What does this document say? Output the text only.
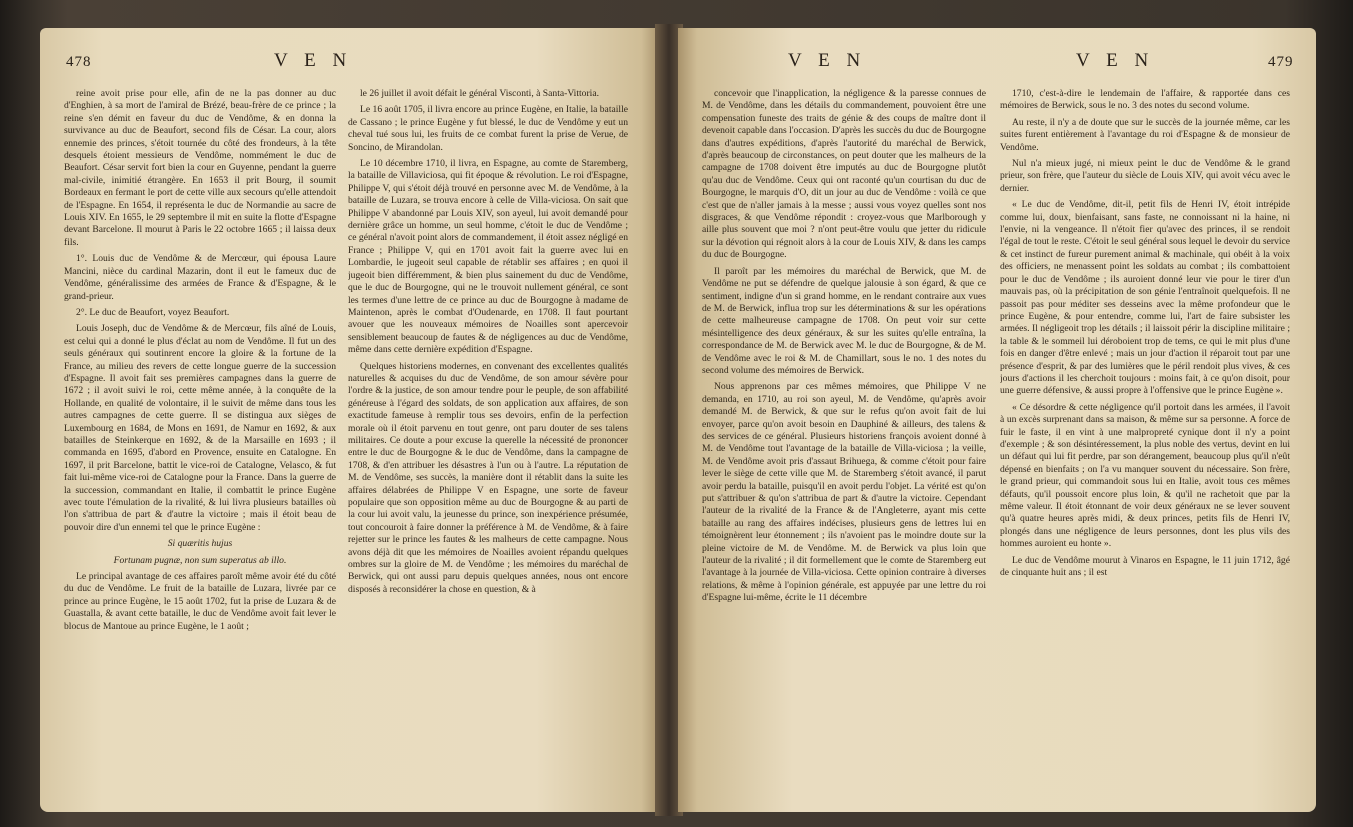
478	V E N

reine avoit prise pour elle, afin de ne la pas donner au duc d'Enghien, à sa mort de l'amiral de Brézé, beau-frère de ce prince ; la reine s'en démit en faveur du duc de Vendôme, & en donna la survivance au duc de Beaufort, second fils de César. La cour, alors ennemie des princes, s'étoit tournée du côté des frondeurs, à la tête desquels étoient messieurs de Vendôme, nommément le duc de Beaufort. César servit fort bien la cour en Guyenne, pendant la guerre mal-civile, inimitié étrangère. En 1653 il prit Bourg, il soumit Bordeaux en fermant le port de cette ville aux secours qu'elle attendoit de l'Espagne. En 1654, il représenta le duc de Normandie au sacre de Louis XIV. En 1655, le 29 septembre il mit en suite la flotte d'Espagne devant Barcelone. Il mourut à Paris le 22 octobre 1665 ; il laissa deux fils.

1°. Louis duc de Vendôme & de Mercœur, qui épousa Laure Mancini, nièce du cardinal Mazarin, dont il eut le fameux duc de Vendôme, généralissime des armées de France & d'Espagne, & le grand-prieur.

2°. Le duc de Beaufort, voyez Beaufort.

Louis Joseph, duc de Vendôme & de Mercœur, fils aîné de Louis, est celui qui a donné le plus d'éclat au nom de Vendôme. Il fut un des seuls généraux qui soutinrent encore la gloire & la fortune de la France, au milieu des revers de cette longue guerre de la succession d'Espagne. Il avoit fait ses premières campagnes dans la guerre de 1672 ; il avoit suivi le roi, cette même année, à la conquête de la Hollande, en qualité de volontaire, il le suivit de même dans tous les autres campagnes de cette guerre. Il se distingua aux sièges de Luxembourg en 1684, de Mons en 1691, de Namur en 1692, & aux batailles de Steinkerque en 1692, & de la Marsaille en 1693 ; il commanda en 1695, d'abord en Provence, ensuite en Catalogne. En 1697, il prit Barcelone, battit le vice-roi de Catalogne, Velasco, & fut fait lui-même vice-roi de Catalogne pour la France. Dans la guerre de la succession, commandant en Italie, il combattit le prince Eugène avec toute l'émulation de la rivalité, & lui livra plusieurs batailles où l'on s'attribua de part & d'autre la victoire ; mais il étoit beau de pouvoir dire d'un ennemi tel que le prince Eugène :

Si quæritis hujus

Fortunam pugnæ, non sum superatus ab illo.

Le principal avantage de ces affaires paroît même avoir été du côté du duc de Vendôme. Le fruit de la bataille de Luzara, livrée par ce prince au prince Eugène, le 15 août 1702, fut la prise de Luzara & de Guastalla, & avant cette bataille, le duc de Vendôme avoit fait lever le blocus de Mantoue au prince Eugène, le 1 août ;

le 26 juillet il avoit défait le général Visconti, à Santa-Vittoria.

Le 16 août 1705, il livra encore au prince Eugène, en Italie, la bataille de Cassano ; le prince Eugène y fut blessé, le duc de Vendôme y eut un cheval tué sous lui, les fruits de ce combat furent la prise de Verue, de Soncino, de Mirandolan.

Le 10 décembre 1710, il livra, en Espagne, au comte de Staremberg, la bataille de Villaviciosa, qui fit époque & révolution. Le roi d'Espagne, Philippe V, qui s'étoit déjà trouvé en personne avec M. de Vendôme, à la bataille de Luzara, se trouva encore à celle de Villa-viciosa. On sait que Philippe V abandonné par Louis XIV, son ayeul, lui avoit demandé pour dernière grâce un homme, un seul homme, c'étoit le duc de Vendôme ; ce général n'avoit point alors de commandement, il étoit assez négligé en France ; Philippe V, qui en 1701 avoit fait la guerre avec lui en Lombardie, le jugeoit seul capable de rétablir ses affaires ; en quoi il jugeoit bien différemment, & bien plus sainement du duc de Vendôme, que le duc de Bourgogne, qui ne le trouvoit nullement général, ce sont les termes d'une lettre de ce prince au duc de Bourgogne à madame de Maintenon, après le combat d'Oudenarde, en 1708. Il faut pourtant avouer que les nouveaux mémoires de Noailles sont apercevoir sensiblement beaucoup de fautes & de négligences au duc de Vendôme, même dans cette dernière expédition d'Espagne.

Quelques historiens modernes, en convenant des excellentes qualités naturelles & acquises du duc de Vendôme, de son amour sévère pour l'ordre & la justice, de son amour tendre pour le peuple, de son affabilité généreuse à l'égard des soldats, de son application aux affaires, de son exactitude fameuse à remplir tous ses devoirs, enfin de la perfection morale où il étoit parvenu en tout genre, ont paru douter de ses talens militaires. Ce doute a pour excuse la querelle la nécessité de prononcer entre le duc de Bourgogne & le duc de Vendôme, dans la campagne de 1708, & d'en attribuer les désastres à l'un ou à l'autre. La réputation de M. de Vendôme, ses succès, la manière dont il rétablit dans la suite les affaires délabrées de Philippe V en Espagne, une sorte de faveur populaire que son opposition même au duc de Bourgogne & au parti de la cour lui avoit valu, la jeunesse du prince, son inexpérience présumée, tout concouroit à faire donner la préférence à M. de Vendôme, & à faire rejetter sur le prince les fautes & les malheurs de cette campagne. Nous avons déjà dit que les mémoires de Noailles avoient répandu quelques ombres sur la gloire de M. de Vendôme ; les mémoires du maréchal de Berwick, qui ont aussi paru depuis quelques années, nous ont encore disposés à reconsidérer la chose en question, & à

V E N	V E N	479

concevoir que l'inapplication, la négligence & la paresse connues de M. de Vendôme, dans les détails du commandement, pouvoient être une compensation funeste des traits de génie & des coups de maître dont il devenoit capable dans l'occasion. D'après les succès du duc de Bourgogne dans d'autres expéditions, d'après l'autorité du maréchal de Berwick, d'après beaucoup de circonstances, on peut douter que les malheurs de la campagne de 1708 doivent être imputés au duc de Bourgogne plutôt qu'au duc de Vendôme. Ceux qui ont raconté qu'un courtisan du duc de Bourgogne, le marquis d'O, dit un jour au duc de Vendôme : voilà ce que c'est que de n'aller jamais à la messe ; aussi vous voyez quelles sont nos disgraces, & que Vendôme répondit : croyez-vous que Marlborough y aille plus souvent que moi ? n'ont peut-être voulu que jetter du ridicule sur la dévotion qui régnoit alors à la cour de Louis XIV, & dans les camps du duc de Bourgogne.

Il paroît par les mémoires du maréchal de Berwick, que M. de Vendôme ne put se défendre de quelque jalousie à son égard, & que ce sentiment, indigne d'un si grand homme, en le rendant contraire aux vues de M. de Berwick, influa trop sur les déterminations & sur les opérations de cette malheureuse campagne de 1708. On peut voir sur cette mésintelligence des deux généraux, & sur les suites qu'elle entraîna, la correspondance de M. de Berwick avec M. le duc de Bourgogne, & de M. de Vendôme avec le roi & M. de Chamillart, sous le no. 1 des notes du second volume des mémoires de Berwick.

Nous apprenons par ces mêmes mémoires, que Philippe V ne demanda, en 1710, au roi son ayeul, M. de Vendôme, qu'après avoir demandé M. de Berwick, & que sur le refus qu'on avoit fait de lui envoyer, parce qu'on avoit besoin en Dauphiné & ailleurs, des talens & des services de ce général. Plusieurs historiens françois avoient donné à M. de Vendôme tout l'avantage de la bataille de Villa-viciosa ; la veille, M. de Vendôme avoit pris d'assaut Brihuega, & comme c'étoit pour faire lever le siège de cette ville que M. de Staremberg s'étoit avancé, il parut avoir perdu la bataille, puisqu'il en avoit perdu l'objet. La vérité est qu'on put s'attribuer & qu'on s'attribua de part & d'autre la victoire. Cependant l'auteur de la rivalité de la France & de l'Angleterre, ayant mis cette bataille au rang des affaires indécises, plusieurs gens de lettres lui en témoignèrent leur étonnement ; ils n'avoient pas le moindre doute sur la pleine victoire de M. de Vendôme. M. de Berwick va plus loin que l'auteur de la rivalité ; il dit formellement que le comte de Staremberg eut l'avantage à la journée de Villa-viciosa. Cette opinion contraire à diverses relations, & même à l'opinion générale, est appuyée par une lettre du roi d'Espagne lui-même, écrite le 11 décembre

1710, c'est-à-dire le lendemain de l'affaire, & rapportée dans ces mémoires de Berwick, sous le no. 3 des notes du second volume.

Au reste, il n'y a de doute que sur le succès de la journée même, car les suites furent entièrement à l'avantage du roi d'Espagne & de monsieur de Vendôme.

Nul n'a mieux jugé, ni mieux peint le duc de Vendôme & le grand prieur, son frère, que l'auteur du siècle de Louis XIV, qui avoit vécu avec le dernier.

« Le duc de Vendôme, dit-il, petit fils de Henri IV, étoit intrépide comme lui, doux, bienfaisant, sans faste, ne connoissant ni la haine, ni l'envie, ni la vengeance. Il n'étoit fier qu'avec des princes, il se rendoit l'égal de tout le reste. C'étoit le seul général sous lequel le devoir du service & cet instinct de fureur purement animal & machinale, qui obéit à la voix des officiers, ne menassent point les soldats au combat ; ils combattoient pour le duc de Vendôme ; ils auroient donné leur vie pour le tirer d'un mauvais pas, où la précipitation de son génie l'entraînoit quelquefois. Il ne passoit pas pour méditer ses desseins avec la même profondeur que le prince Eugène, & pour entendre, comme lui, l'art de faire subsister les armées. Il négligeoit trop les détails ; il laissoit périr la discipline militaire ; la table & le sommeil lui déroboient trop de tems, ce qui le mit plus d'une fois en danger d'être enlevé ; mais un jour d'action il réparoit tout par une présence d'esprit, & par des lumières que le péril rendoit plus vives, & ces jours d'actions il les cherchoit toujours : moins fait, à ce qu'on disoit, pour une guerre défensive, & aussi propre à l'offensive que le prince Eugène ».

« Ce désordre & cette négligence qu'il portoit dans les armées, il l'avoit à un excès surprenant dans sa maison, & même sur sa personne. A force de fuir le faste, il en vint à une malpropreté cynique dont il n'y a point d'exemple ; & son désintéressement, la plus noble des vertus, devint en lui un défaut qui lui fit perdre, par son dérangement, beaucoup plus qu'il n'eût dépensé en bienfaits ; on l'a vu manquer souvent du nécessaire. Son frère, le grand prieur, qui commandoit sous lui en Italie, avoit tous ces mêmes défauts, qu'il poussoit encore plus loin, & qu'il ne rachetoit que par la même valeur. Il étoit étonnant de voir deux généraux ne se lever souvent qu'à quatre heures après midi, & deux princes, petits fils de Henri IV, plongés dans une négligence de leurs personnes, dont les plus vils des hommes auroient eu honte ».

Le duc de Vendôme mourut à Vinaros en Espagne, le 11 juin 1712, âgé de cinquante huit ans ; il est
